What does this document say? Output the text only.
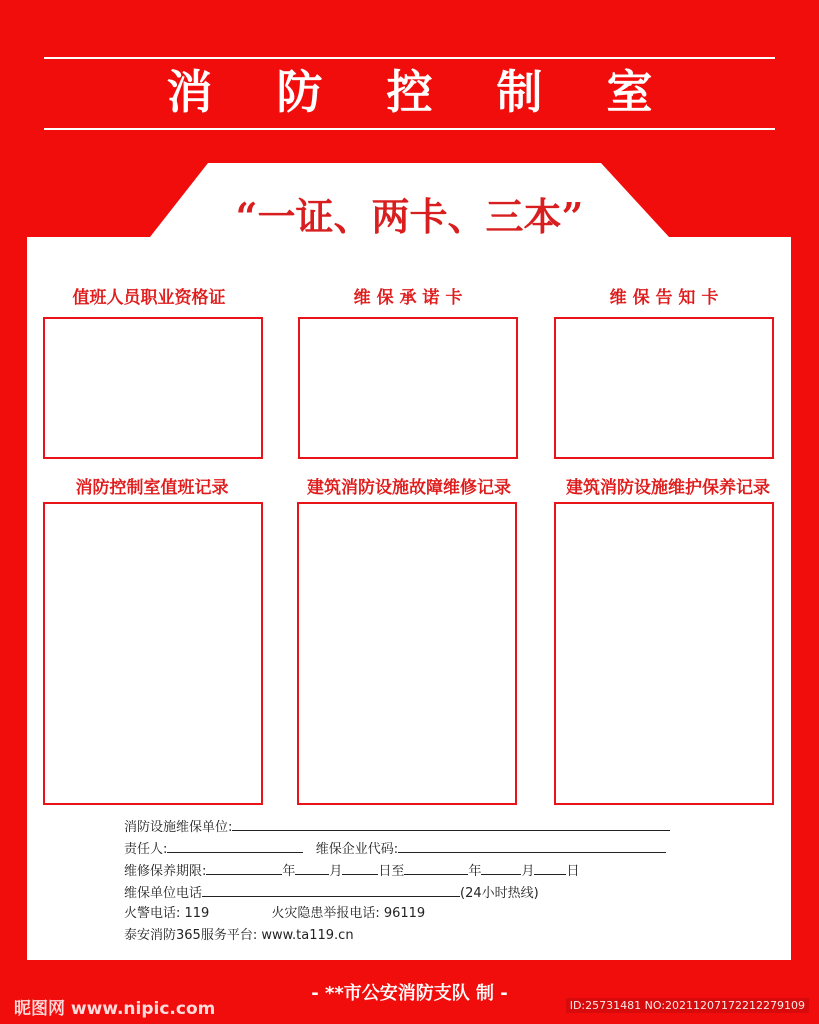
消 防 控 制 室
“一证、两卡、三本”
值班人员职业资格证	维 保 承 诺 卡	维 保 告 知 卡
消防控制室值班记录	建筑消防设施故障维修记录	建筑消防设施维护保养记录
消防设施维保单位:
责任人:	维保企业代码:
维修保养期限:	年	月	日至	年	月 日
维保单位电话	(24小时热线)
火警电话: 119	火灾隐患举报电话: 96119
泰安消防365服务平台: www.ta119.cn
- **市公安消防支队 制 -
昵图网 www.nipic.com	ID:25731481 NO:20211207172212279109
